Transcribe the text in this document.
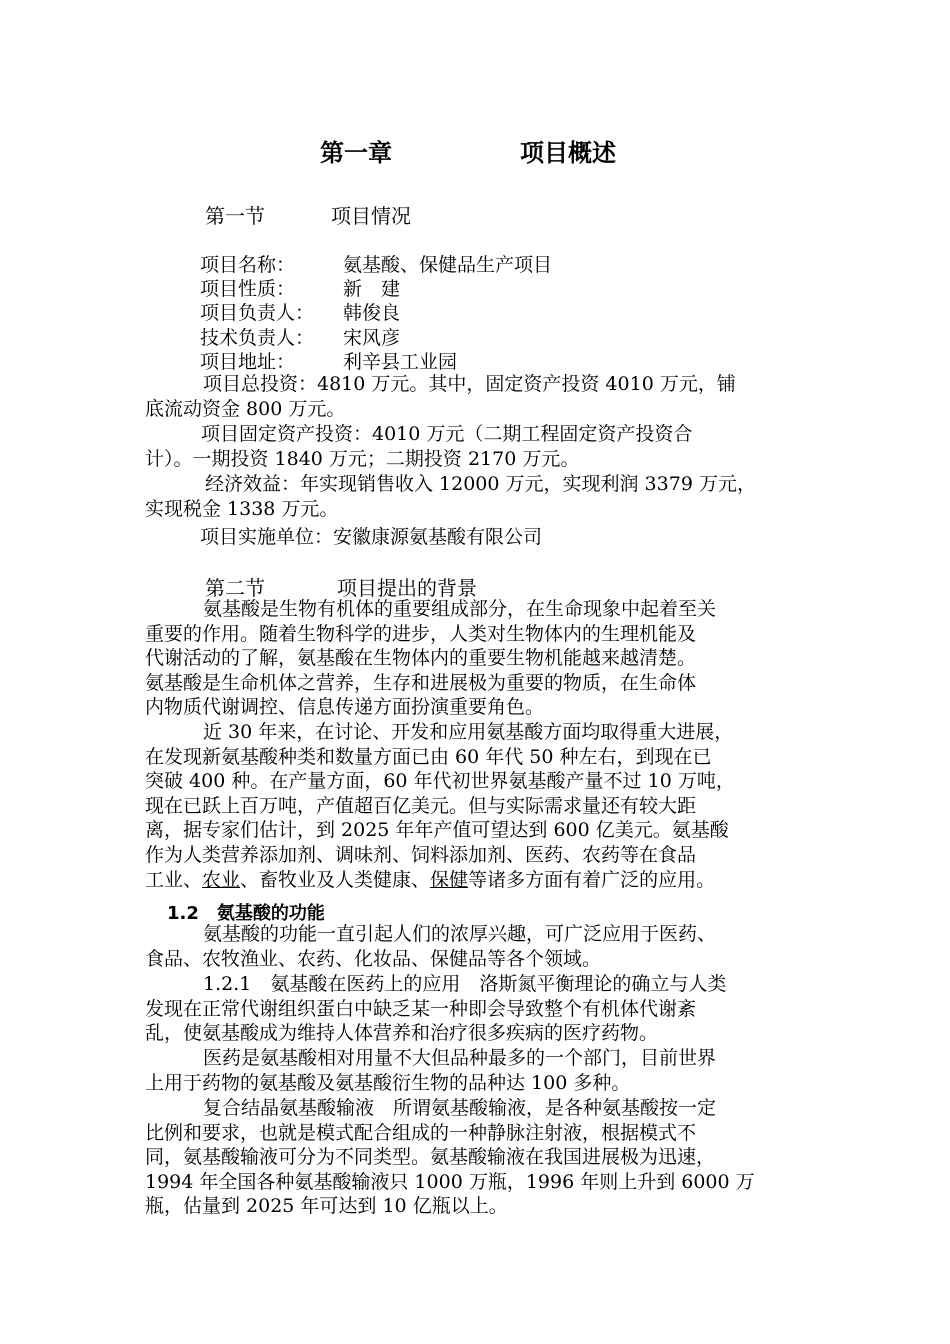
第一章	项目概述
第一节	项目情况
项目名称：	氨基酸、保健品生产项目
项目性质：	新　建
项目负责人： 韩俊良
技术负责人： 宋风彦
项目地址：	利辛县工业园
项目总投资：4810 万元。其中，固定资产投资 4010 万元，铺
底流动资金 800 万元。
项目固定资产投资：4010 万元（二期工程固定资产投资合
计）。一期投资 1840 万元；二期投资 2170 万元。
经济效益：年实现销售收入 12000 万元，实现利润 3379 万元，
实现税金 1338 万元。
项目实施单位：安徽康源氨基酸有限公司
第二节	项目提出的背景
氨基酸是生物有机体的重要组成部分，在生命现象中起着至关
重要的作用。随着生物科学的进步，人类对生物体内的生理机能及
代谢活动的了解，氨基酸在生物体内的重要生物机能越来越清楚。
氨基酸是生命机体之营养，生存和进展极为重要的物质，在生命体
内物质代谢调控、信息传递方面扮演重要角色。
近 30 年来，在讨论、开发和应用氨基酸方面均取得重大进展，
在发现新氨基酸种类和数量方面已由 60 年代 50 种左右，到现在已
突破 400 种。在产量方面，60 年代初世界氨基酸产量不过 10 万吨，
现在已跃上百万吨，产值超百亿美元。但与实际需求量还有较大距
离，据专家们估计，到 2025 年年产值可望达到 600 亿美元。氨基酸
作为人类营养添加剂、调味剂、饲料添加剂、医药、农药等在食品
工业、农业、畜牧业及人类健康、保健等诸多方面有着广泛的应用。
1.2　氨基酸的功能
氨基酸的功能一直引起人们的浓厚兴趣，可广泛应用于医药、
食品、农牧渔业、农药、化妆品、保健品等各个领域。
1.2.1　氨基酸在医药上的应用　洛斯氮平衡理论的确立与人类
发现在正常代谢组织蛋白中缺乏某一种即会导致整个有机体代谢紊
乱，使氨基酸成为维持人体营养和治疗很多疾病的医疗药物。
医药是氨基酸相对用量不大但品种最多的一个部门，目前世界
上用于药物的氨基酸及氨基酸衍生物的品种达 100 多种。
复合结晶氨基酸输液　所谓氨基酸输液，是各种氨基酸按一定
比例和要求，也就是模式配合组成的一种静脉注射液，根据模式不
同，氨基酸输液可分为不同类型。氨基酸输液在我国进展极为迅速，
1994 年全国各种氨基酸输液只 1000 万瓶，1996 年则上升到 6000 万
瓶，估量到 2025 年可达到 10 亿瓶以上。
